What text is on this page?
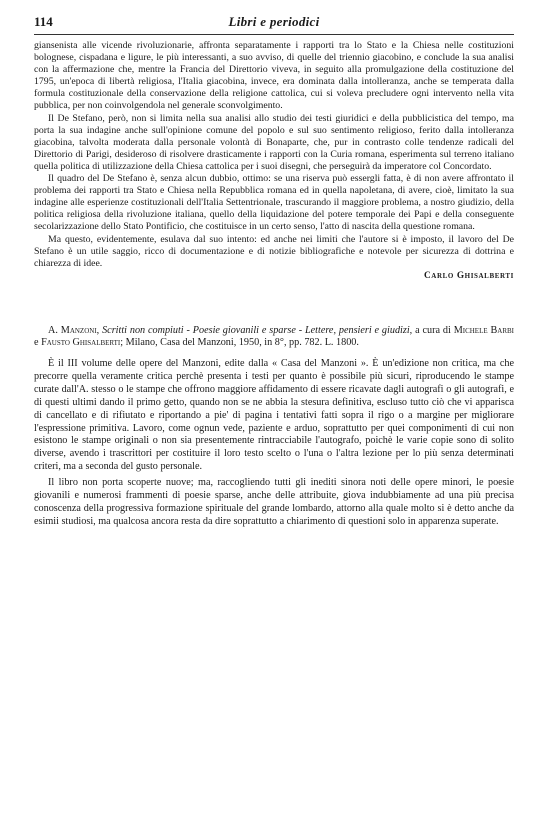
114	Libri e periodici

giansenista alle vicende rivoluzionarie, affronta separatamente i rapporti tra lo Stato e la Chiesa nelle costituzioni bolognese, cispadana e ligure, le più interessanti, a suo avviso, di quelle del triennio giacobino, e conclude la sua analisi con la affermazione che, mentre la Francia del Direttorio viveva, in seguito alla promulgazione della costituzione del 1795, un'epoca di libertà religiosa, l'Italia giacobina, invece, era dominata dalla intolleranza, anche se temperata dalla formula costituzionale della conservazione della religione cattolica, cui si voleva precludere ogni intervento nella vita pubblica, per non coinvolgendola nel generale sconvolgimento.

Il De Stefano, però, non si limita nella sua analisi allo studio dei testi giuridici e della pubblicistica del tempo, ma porta la sua indagine anche sull'opinione comune del popolo e sul suo sentimento religioso, ferito dalla intolleranza giacobina, talvolta moderata dalla personale volontà di Bonaparte, che, pur in contrasto colle tendenze radicali del Direttorio di Parigi, desideroso di risolvere drasticamente i rapporti con la Curia romana, esperimenta sul terreno italiano quella politica di utilizzazione della Chiesa cattolica per i suoi disegni, che perseguirà da imperatore col Concordato.

Il quadro del De Stefano è, senza alcun dubbio, ottimo: se una riserva può essergli fatta, è di non avere affrontato il problema dei rapporti tra Stato e Chiesa nella Repubblica romana ed in quella napoletana, di avere, cioè, limitato la sua indagine alle esperienze costituzionali dell'Italia Settentrionale, trascurando il maggiore problema, a nostro giudizio, della politica religiosa della rivoluzione italiana, quello della liquidazione del potere temporale dei Papi e della conseguente secolarizzazione dello Stato Pontificio, che costituisce in un certo senso, l'atto di nascita della questione romana.

Ma questo, evidentemente, esulava dal suo intento: ed anche nei limiti che l'autore si è imposto, il lavoro del De Stefano è un utile saggio, ricco di documentazione e di notizie bibliografiche e notevole per sicurezza di dottrina e chiarezza di idee.

Carlo Ghisalberti

A. Manzoni, Scritti non compiuti - Poesie giovanili e sparse - Lettere, pensieri e giudizi, a cura di Michele Barbi e Fausto Ghisalberti; Milano, Casa del Manzoni, 1950, in 8°, pp. 782. L. 1800.

È il III volume delle opere del Manzoni, edite dalla « Casa del Manzoni ». È un'edizione non critica, ma che precorre quella veramente critica perchè presenta i testi per quanto è possibile più sicuri, riproducendo le stampe curate dall'A. stesso o le stampe che offrono maggiore affidamento di essere ricavate dagli autografi o gli autografi, e di questi ultimi dando il primo getto, quando non se ne abbia la stesura definitiva, escluso tutto ciò che vi apparisca di cancellato e di rifiutato e riportando a pie' di pagina i tentativi fatti sopra il rigo o a margine per migliorare l'espressione primitiva. Lavoro, come ognun vede, paziente e arduo, soprattutto per quei componimenti di cui non esistono le stampe originali o non sia presentemente rintracciabile l'autografo, poichè le varie copie sono di solito diverse, avendo i trascrittori per costituire il loro testo scelto o l'una o l'altra lezione per lo più senza determinati criteri, ma a seconda del gusto personale.

Il libro non porta scoperte nuove; ma, raccogliendo tutti gli inediti sinora noti delle opere minori, le poesie giovanili e numerosi frammenti di poesie sparse, anche delle attribuite, giova indubbiamente ad una più precisa conoscenza della progressiva formazione spirituale del grande lombardo, attorno alla quale molto si è detto anche da esimii studiosi, ma qualcosa ancora resta da dire soprattutto a chiarimento di questioni solo in apparenza superate.
